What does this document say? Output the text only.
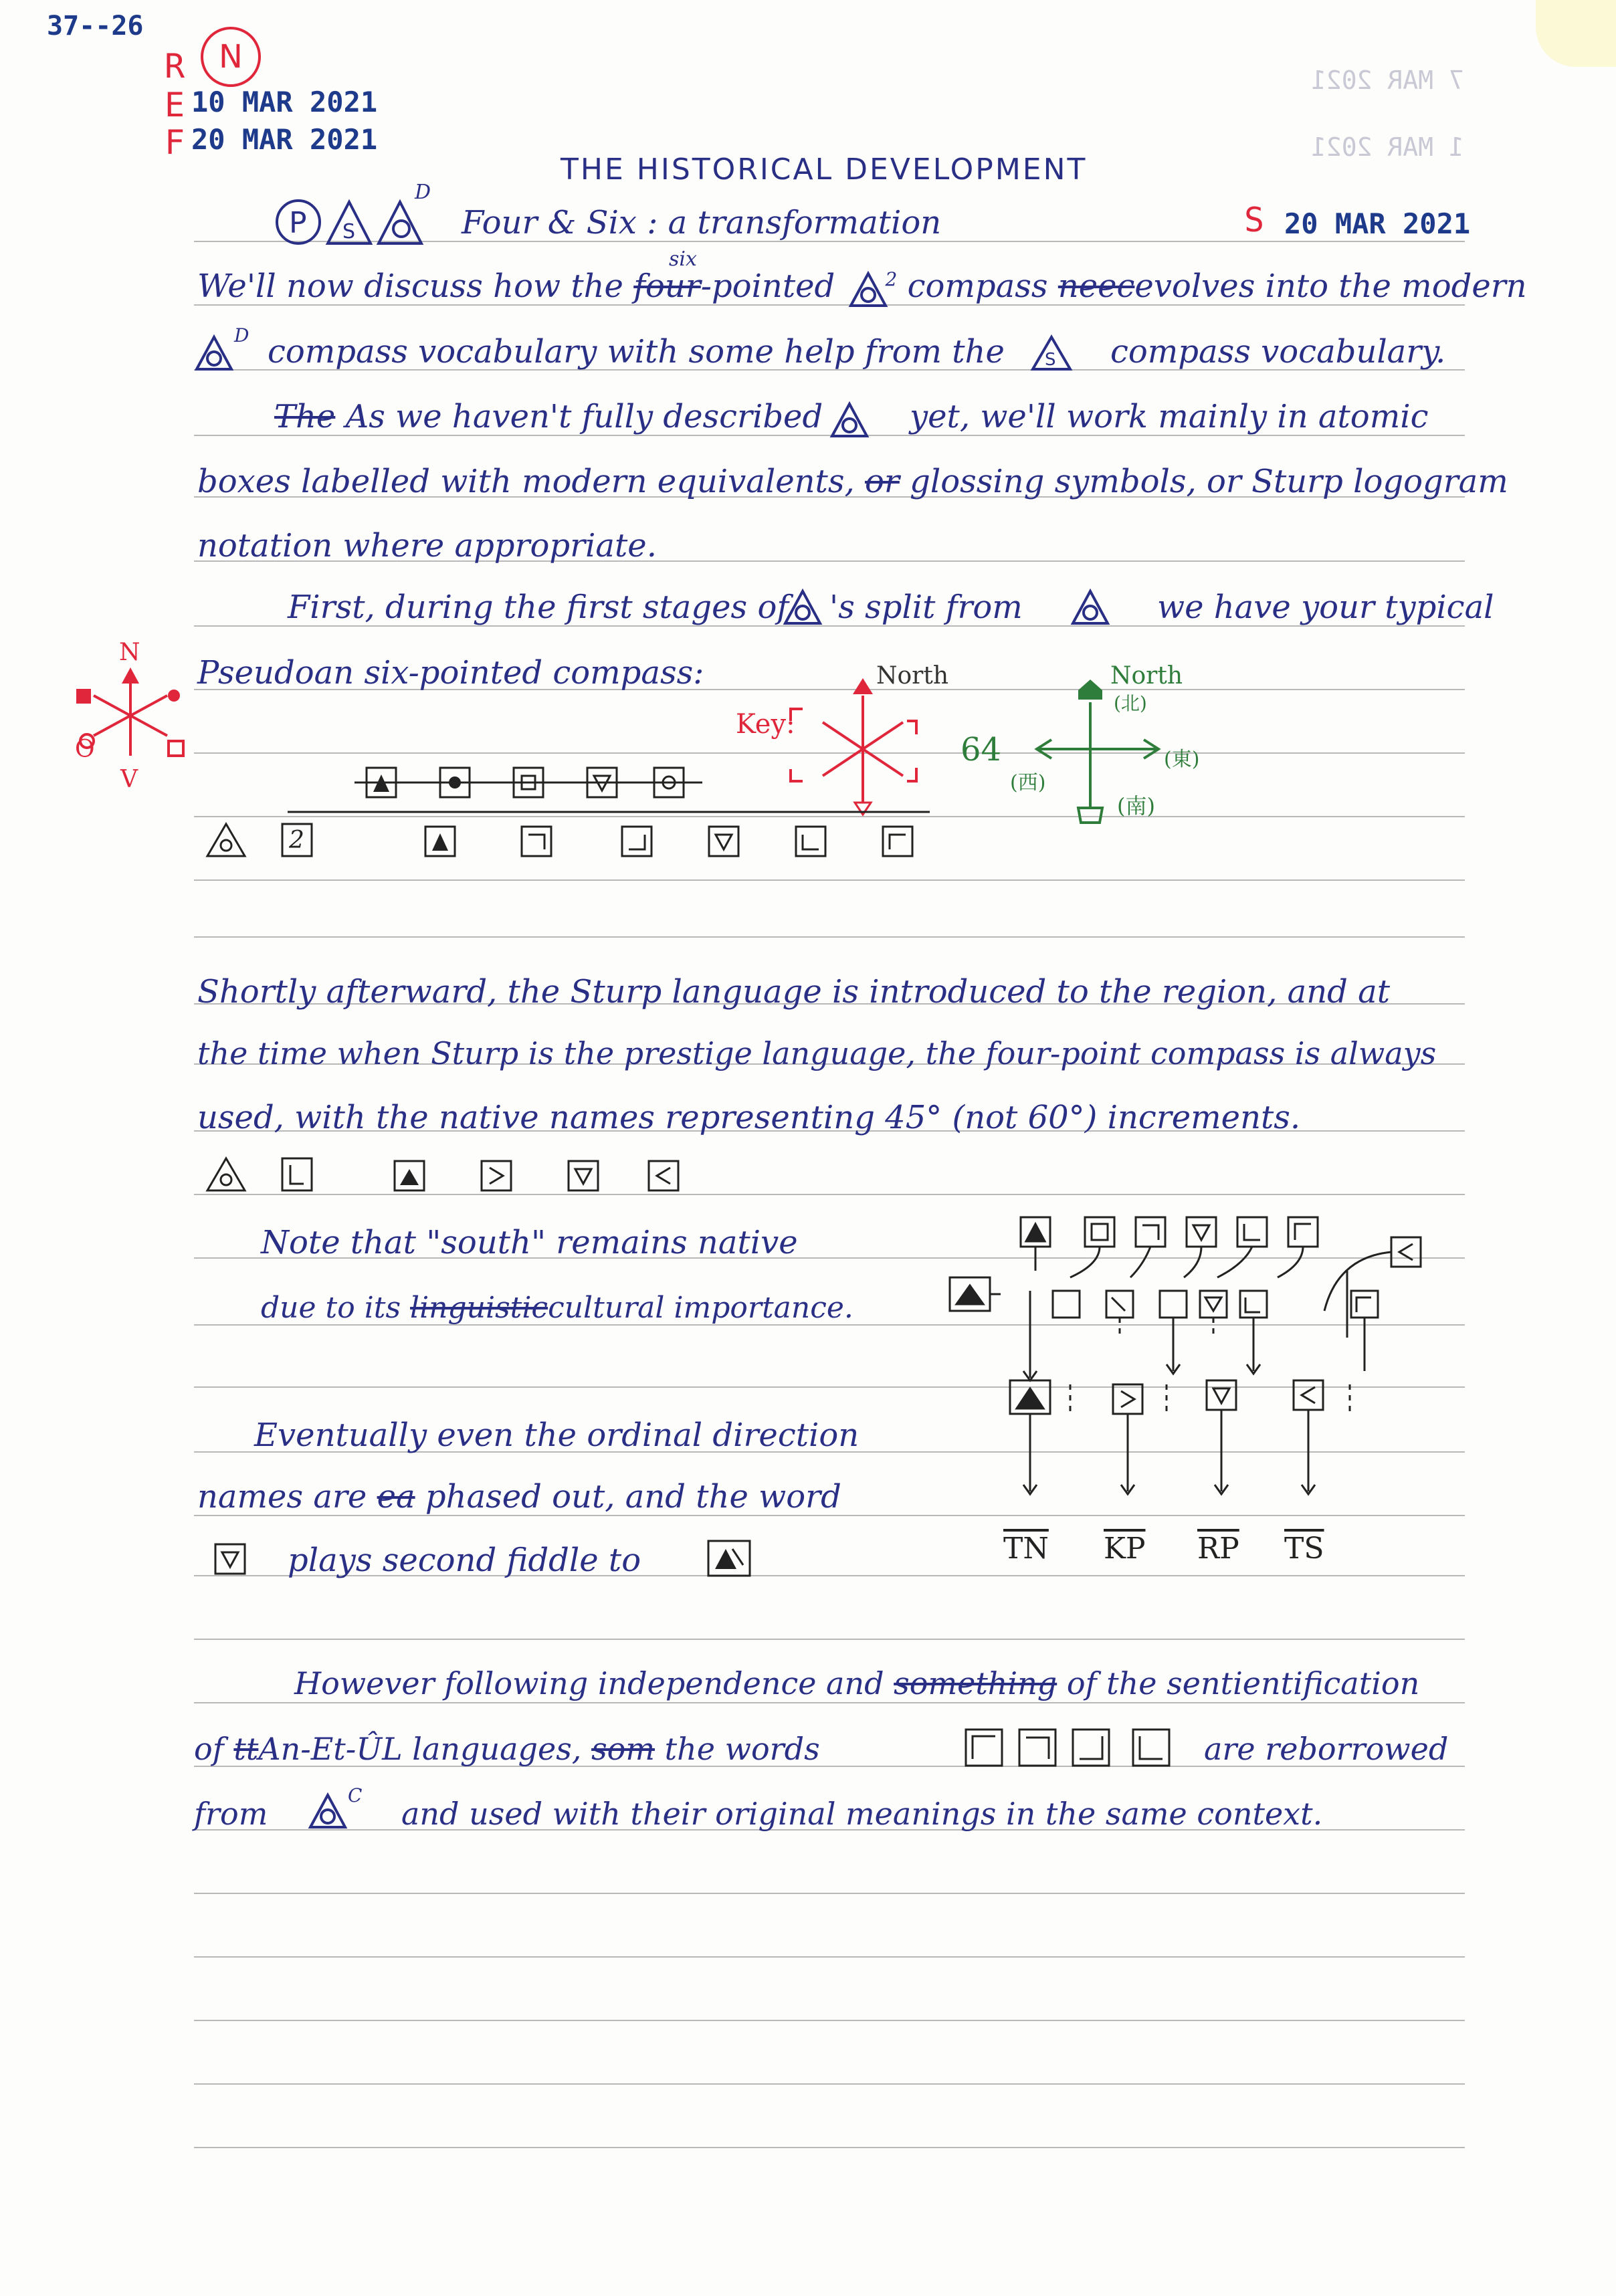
37--26
N
R
E 10 MAR 2021
F 20 MAR 2021
7 MAR 2021
1 MAR 2021
THE HISTORICAL DEVELOPMENT
P S
D
Four & Six : a transformation	S 20 MAR 2021
We'll now discuss how the four-pointed	$^2$ compass neecevolves into the modern
six
D compass vocabulary with some help from the S compass vocabulary.
The As we haven't fully described	yet, we'll work mainly in atomic
boxes labelled with modern equivalents, or glossing symbols, or Sturp logogram
notation where appropriate.
First, during the first stages of 's split from	we have your typical
Pseudoan six-pointed compass:
N
O
V
North
Key:
North
(北)
64
(西)
(東)
(南)
2
Shortly afterward, the Sturp language is introduced to the region, and at
the time when Sturp is the prestige language, the four-point compass is always
used, with the native names representing 45° (not 60°) increments.
Note that "south" remains native
due to its linguisticcultural importance.
$\overline{TN}$ $\overline{KP}$ $\overline{RP}$ $\overline{TS}$
Eventually even the ordinal direction
names are ea phased out, and the word
plays second fiddle to
However following independence and something of the sentientification
of ttAn-Et-ÛL languages, som the words	are reborrowed
from
C
and used with their original meanings in the same context.
